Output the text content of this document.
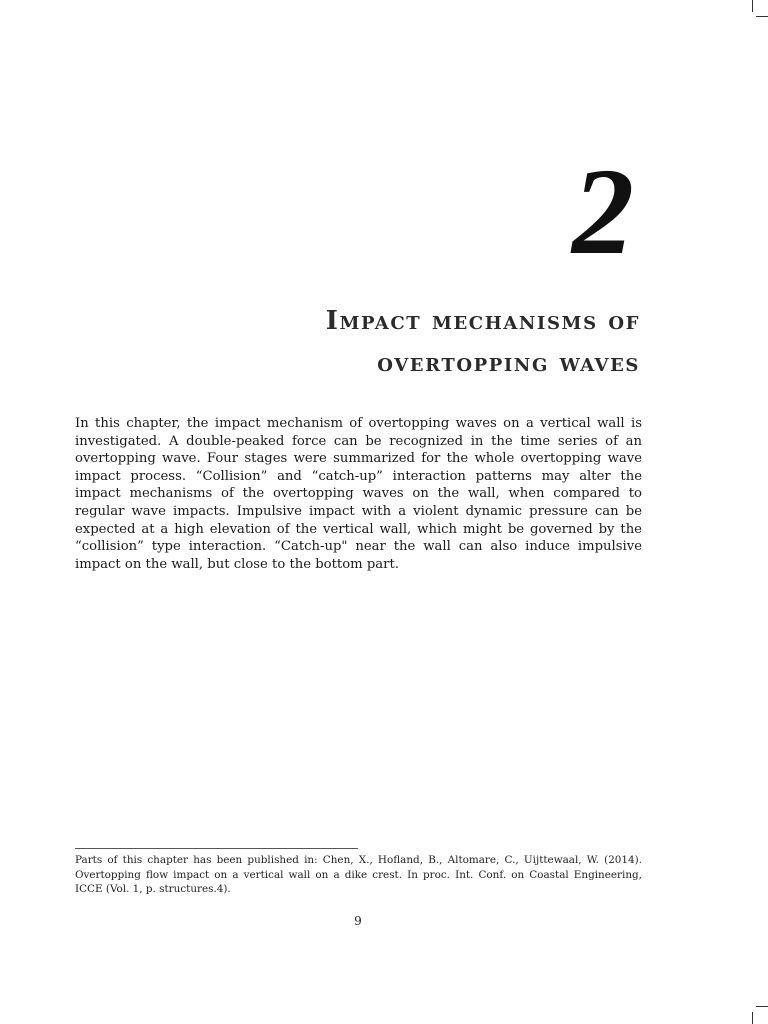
2
Impact mechanisms of
overtopping waves

In this chapter, the impact mechanism of overtopping waves on a vertical wall is investigated. A double-peaked force can be recognized in the time series of an overtopping wave. Four stages were summarized for the whole overtopping wave impact process. “Collision” and “catch-up” interaction patterns may alter the impact mechanisms of the overtopping waves on the wall, when compared to regular wave impacts. Impulsive impact with a violent dynamic pressure can be expected at a high elevation of the vertical wall, which might be governed by the “collision” type interaction. “Catch-up" near the wall can also induce impulsive impact on the wall, but close to the bottom part.

Parts of this chapter has been published in: Chen, X., Hofland, B., Altomare, C., Uijttewaal, W. (2014). Overtopping flow impact on a vertical wall on a dike crest. In proc. Int. Conf. on Coastal Engineering, ICCE (Vol. 1, p. structures.4).

9
